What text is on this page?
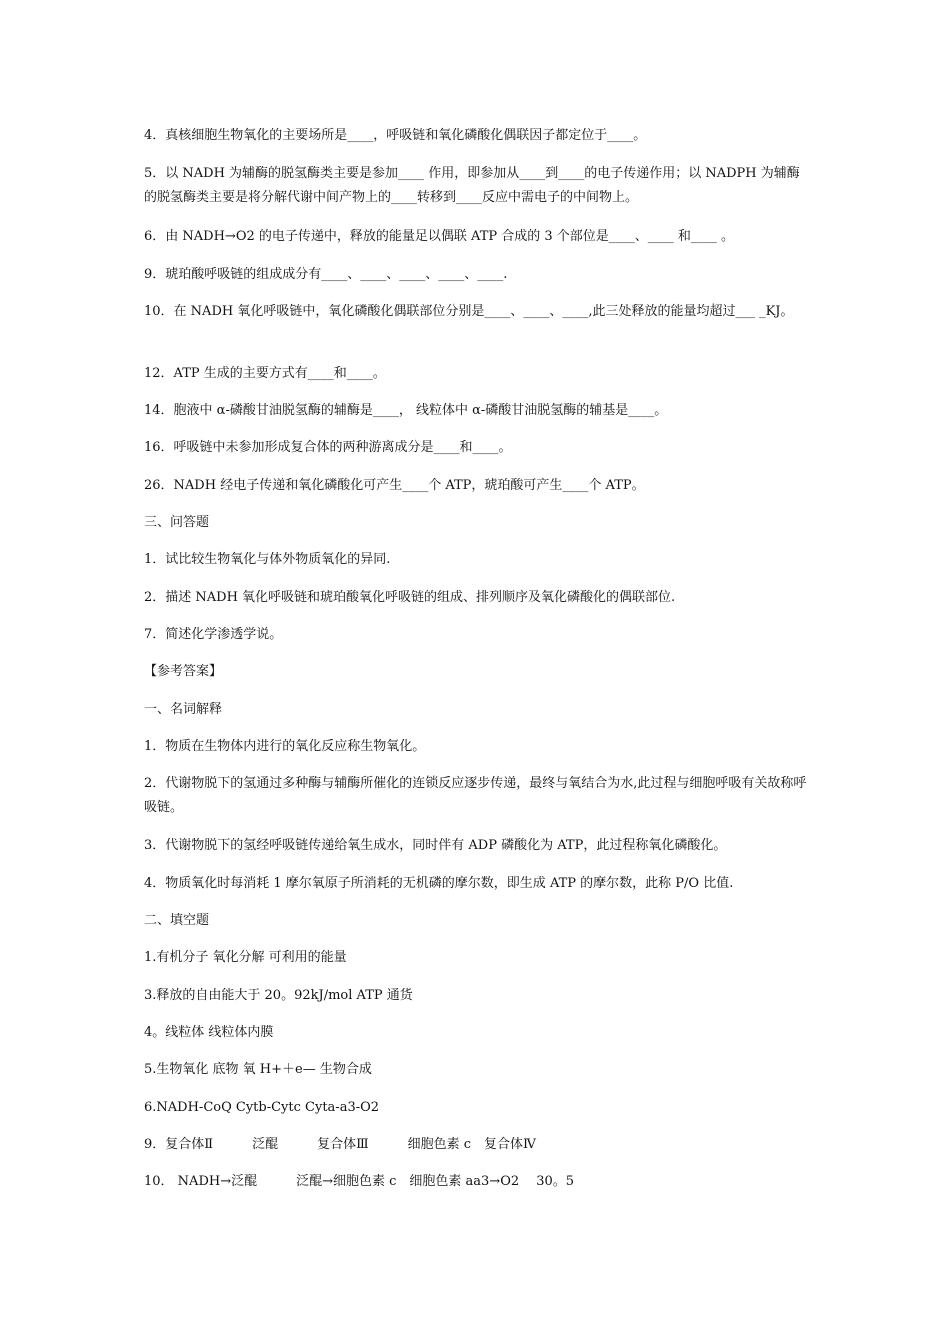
4．真核细胞生物氧化的主要场所是____，呼吸链和氧化磷酸化偶联因子都定位于____。
5．以 NADH 为辅酶的脱氢酶类主要是参加____ 作用，即参加从____到____的电子传递作用；以 NADPH 为辅酶的脱氢酶类主要是将分解代谢中间产物上的____转移到____反应中需电子的中间物上。
6．由 NADH→O2 的电子传递中，释放的能量足以偶联 ATP 合成的 3 个部位是____、____ 和____ 。
9．琥珀酸呼吸链的组成成分有____、____、____、____、____.
10．在 NADH 氧化呼吸链中，氧化磷酸化偶联部位分别是____、____、____,此三处释放的能量均超过___ _KJ。
12．ATP 生成的主要方式有____和____。
14．胞液中 α-磷酸甘油脱氢酶的辅酶是____， 线粒体中 α-磷酸甘油脱氢酶的辅基是____。
16．呼吸链中未参加形成复合体的两种游离成分是____和____。
26．NADH 经电子传递和氧化磷酸化可产生____个 ATP，琥珀酸可产生____个 ATP。
三、问答题
1．试比较生物氧化与体外物质氧化的异同.
2．描述 NADH 氧化呼吸链和琥珀酸氧化呼吸链的组成、排列顺序及氧化磷酸化的偶联部位.
7．简述化学渗透学说。
【参考答案】
一、名词解释
1．物质在生物体内进行的氧化反应称生物氧化。
2．代谢物脱下的氢通过多种酶与辅酶所催化的连锁反应逐步传递，最终与氧结合为水,此过程与细胞呼吸有关故称呼吸链。
3．代谢物脱下的氢经呼吸链传递给氧生成水，同时伴有 ADP 磷酸化为 ATP，此过程称氧化磷酸化。
4．物质氧化时每消耗 1 摩尔氧原子所消耗的无机磷的摩尔数，即生成 ATP 的摩尔数，此称 P/O 比值.
二、填空题
1.有机分子 氧化分解 可利用的能量
3.释放的自由能大于 20。92kJ/mol ATP 通货
4。线粒体 线粒体内膜
5.生物氧化 底物 氧 H+＋e— 生物合成
6.NADH-CoQ Cytb-Cytc Cyta-a3-O2
9．复合体Ⅱ　　　泛醌　　　复合体Ⅲ　　　细胞色素 c　复合体Ⅳ
10． NADH→泛醌　　　泛醌→细胞色素 c　细胞色素 aa3→O2　 30。5
